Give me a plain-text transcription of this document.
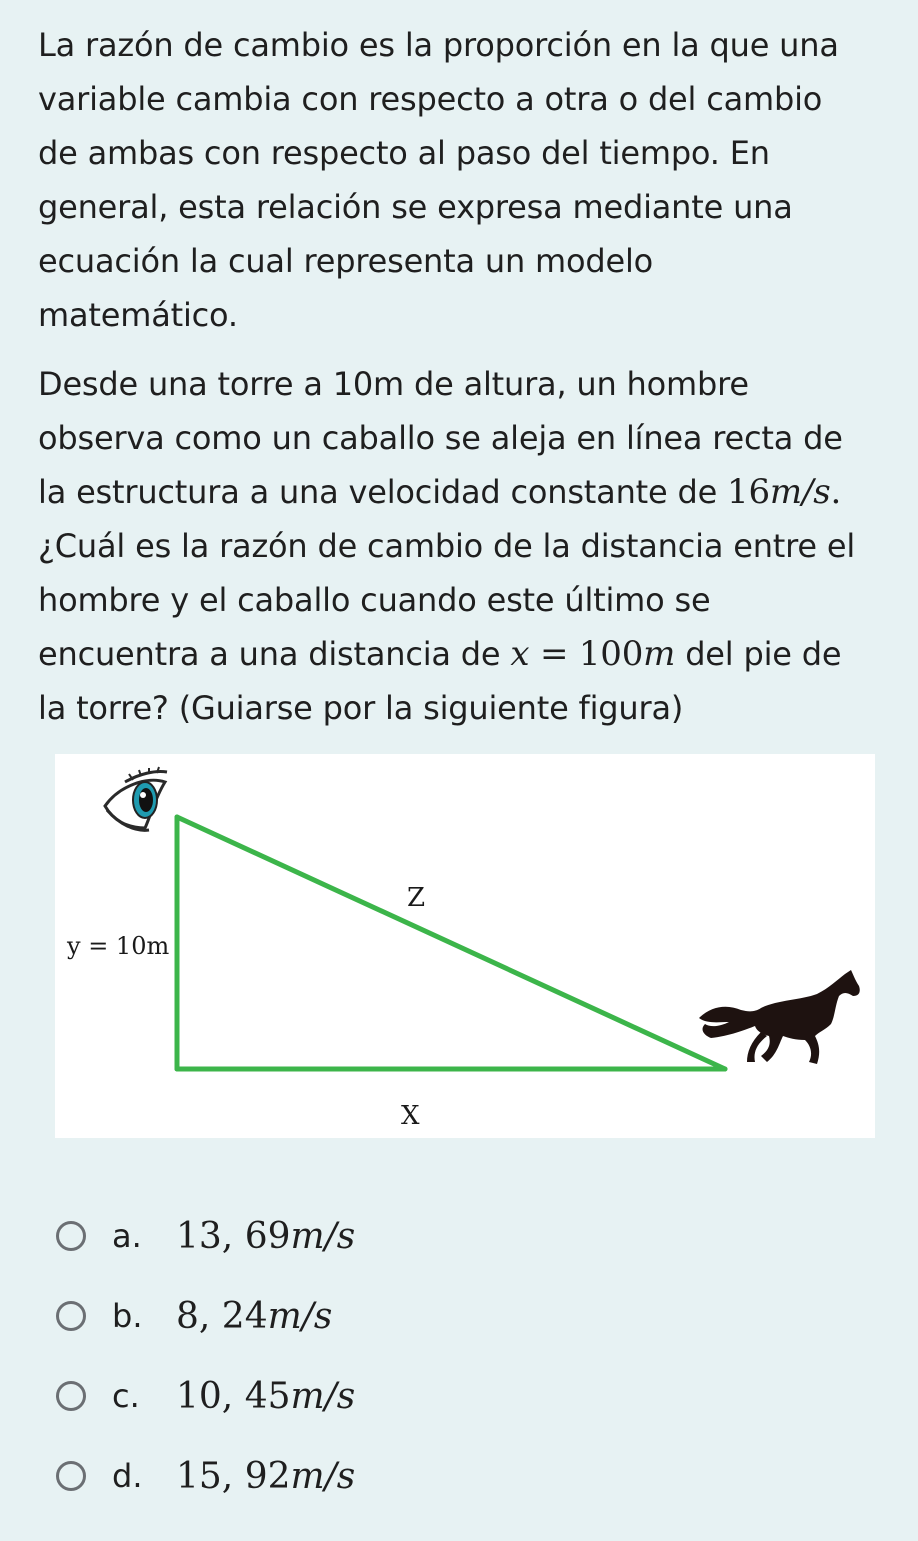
La razón de cambio es la proporción en la que una
variable cambia con respecto a otra o del cambio
de ambas con respecto al paso del tiempo. En
general, esta relación se expresa mediante una
ecuación la cual representa un modelo
matemático.
Desde una torre a 10m de altura, un hombre
observa como un caballo se aleja en línea recta de
la estructura a una velocidad constante de 16m/s.
¿Cuál es la razón de cambio de la distancia entre el
hombre y el caballo cuando este último se
encuentra a una distancia de x = 100m del pie de
la torre? (Guiarse por la siguiente figura)
y = 10m
Z
X
a. 13, 69m/s
b. 8, 24m/s
c.	10, 45m/s
d. 15, 92m/s
